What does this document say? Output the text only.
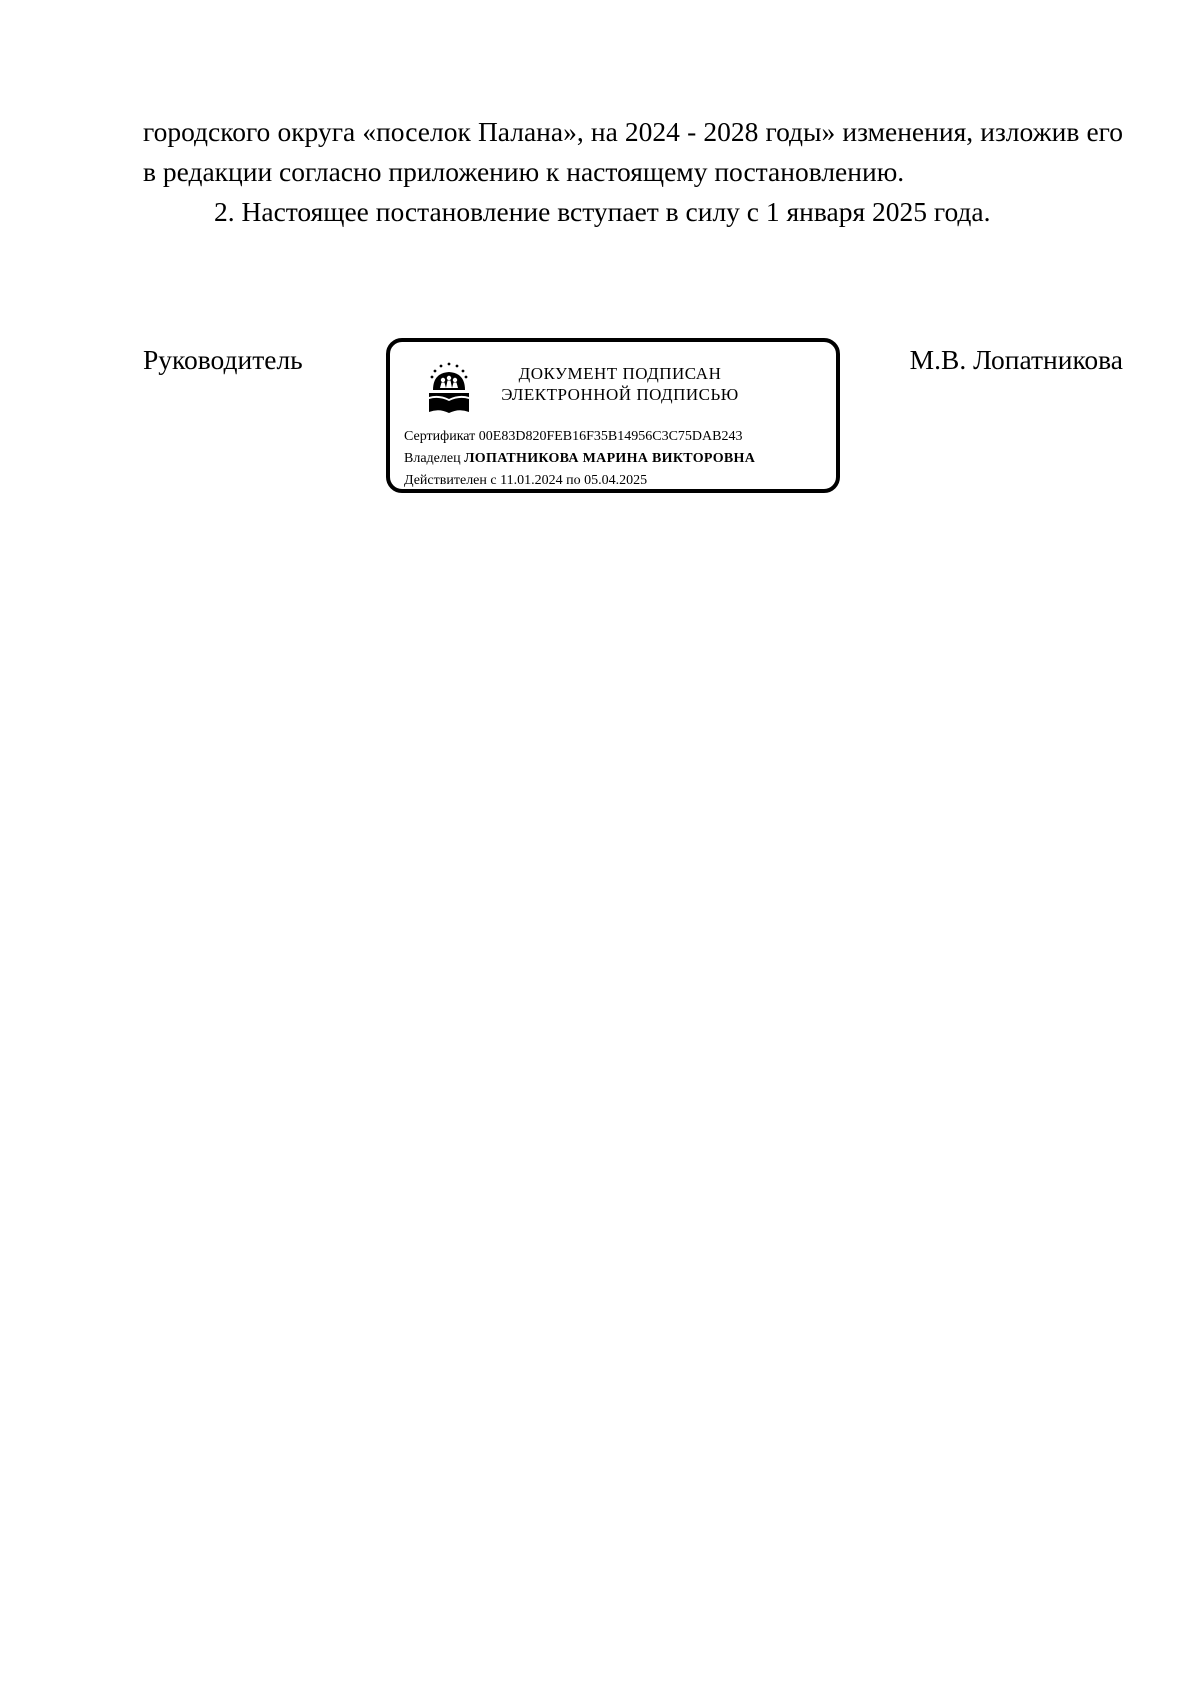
городского округа «поселок Палана», на 2024 - 2028 годы» изменения, изложив его в редакции согласно приложению к настоящему постановлению.

2. Настоящее постановление вступает в силу с 1 января 2025 года.

Руководитель	ДОКУМЕНТ ПОДПИСАН
ЭЛЕКТРОННОЙ ПОДПИСЬЮ
Сертификат 00E83D820FEB16F35B14956C3C75DAB243
Владелец ЛОПАТНИКОВА МАРИНА ВИКТОРОВНА
Действителен с 11.01.2024 по 05.04.2025
М.В. Лопатникова
